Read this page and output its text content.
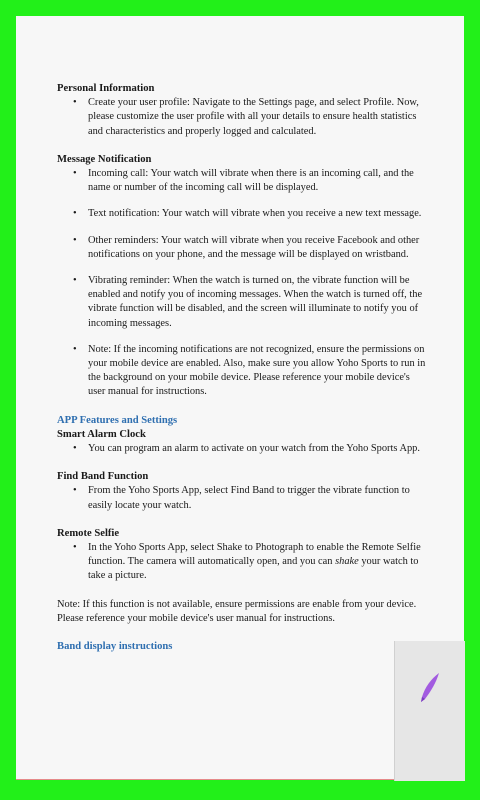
Personal Information
• Create your user profile: Navigate to the Settings page, and select Profile. Now, please customize the user profile with all your details to ensure health statistics and characteristics and properly logged and calculated.
Message Notification
• Incoming call: Your watch will vibrate when there is an incoming call, and the name or number of the incoming call will be displayed.
• Text notification: Your watch will vibrate when you receive a new text message.
• Other reminders: Your watch will vibrate when you receive Facebook and other notifications on your phone, and the message will be displayed on wristband.
• Vibrating reminder: When the watch is turned on, the vibrate function will be enabled and notify you of incoming messages. When the watch is turned off, the vibrate function will be disabled, and the screen will illuminate to notify you of incoming messages.
• Note: If the incoming notifications are not recognized, ensure the permissions on your mobile device are enabled. Also, make sure you allow Yoho Sports to run in the background on your mobile device. Please reference your mobile device's user manual for instructions.
APP Features and Settings
Smart Alarm Clock
• You can program an alarm to activate on your watch from the Yoho Sports App.
Find Band Function
• From the Yoho Sports App, select Find Band to trigger the vibrate function to easily locate your watch.
Remote Selfie
• In the Yoho Sports App, select Shake to Photograph to enable the Remote Selfie function. The camera will automatically open, and you can shake your watch to take a picture.

Note: If this function is not available, ensure permissions are enable from your device. Please reference your mobile device's user manual for instructions.

Band display instructions
